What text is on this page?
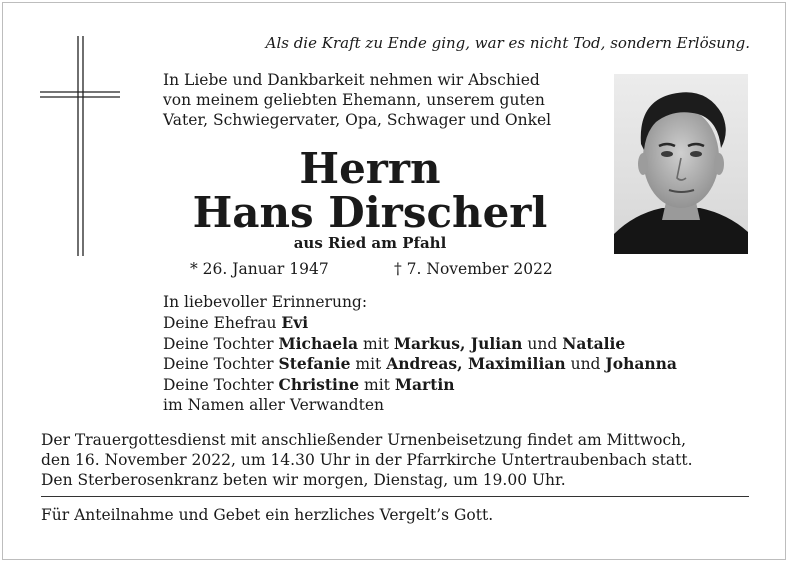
Als die Kraft zu Ende ging, war es nicht Tod, sondern Erlösung.
In Liebe und Dankbarkeit nehmen wir Abschied
von meinem geliebten Ehemann, unserem guten
Vater, Schwiegervater, Opa, Schwager und Onkel
Herrn
Hans Dirscherl
aus Ried am Pfahl
* 26. Januar 1947	† 7. November 2022
In liebevoller Erinnerung:
Deine Ehefrau Evi
Deine Tochter Michaela mit Markus, Julian und Natalie
Deine Tochter Stefanie mit Andreas, Maximilian und Johanna
Deine Tochter Christine mit Martin
im Namen aller Verwandten
Der Trauergottesdienst mit anschließender Urnenbeisetzung findet am Mittwoch,
den 16. November 2022, um 14.30 Uhr in der Pfarrkirche Untertraubenbach statt.
Den Sterberosenkranz beten wir morgen, Dienstag, um 19.00 Uhr.
Für Anteilnahme und Gebet ein herzliches Vergelt’s Gott.
